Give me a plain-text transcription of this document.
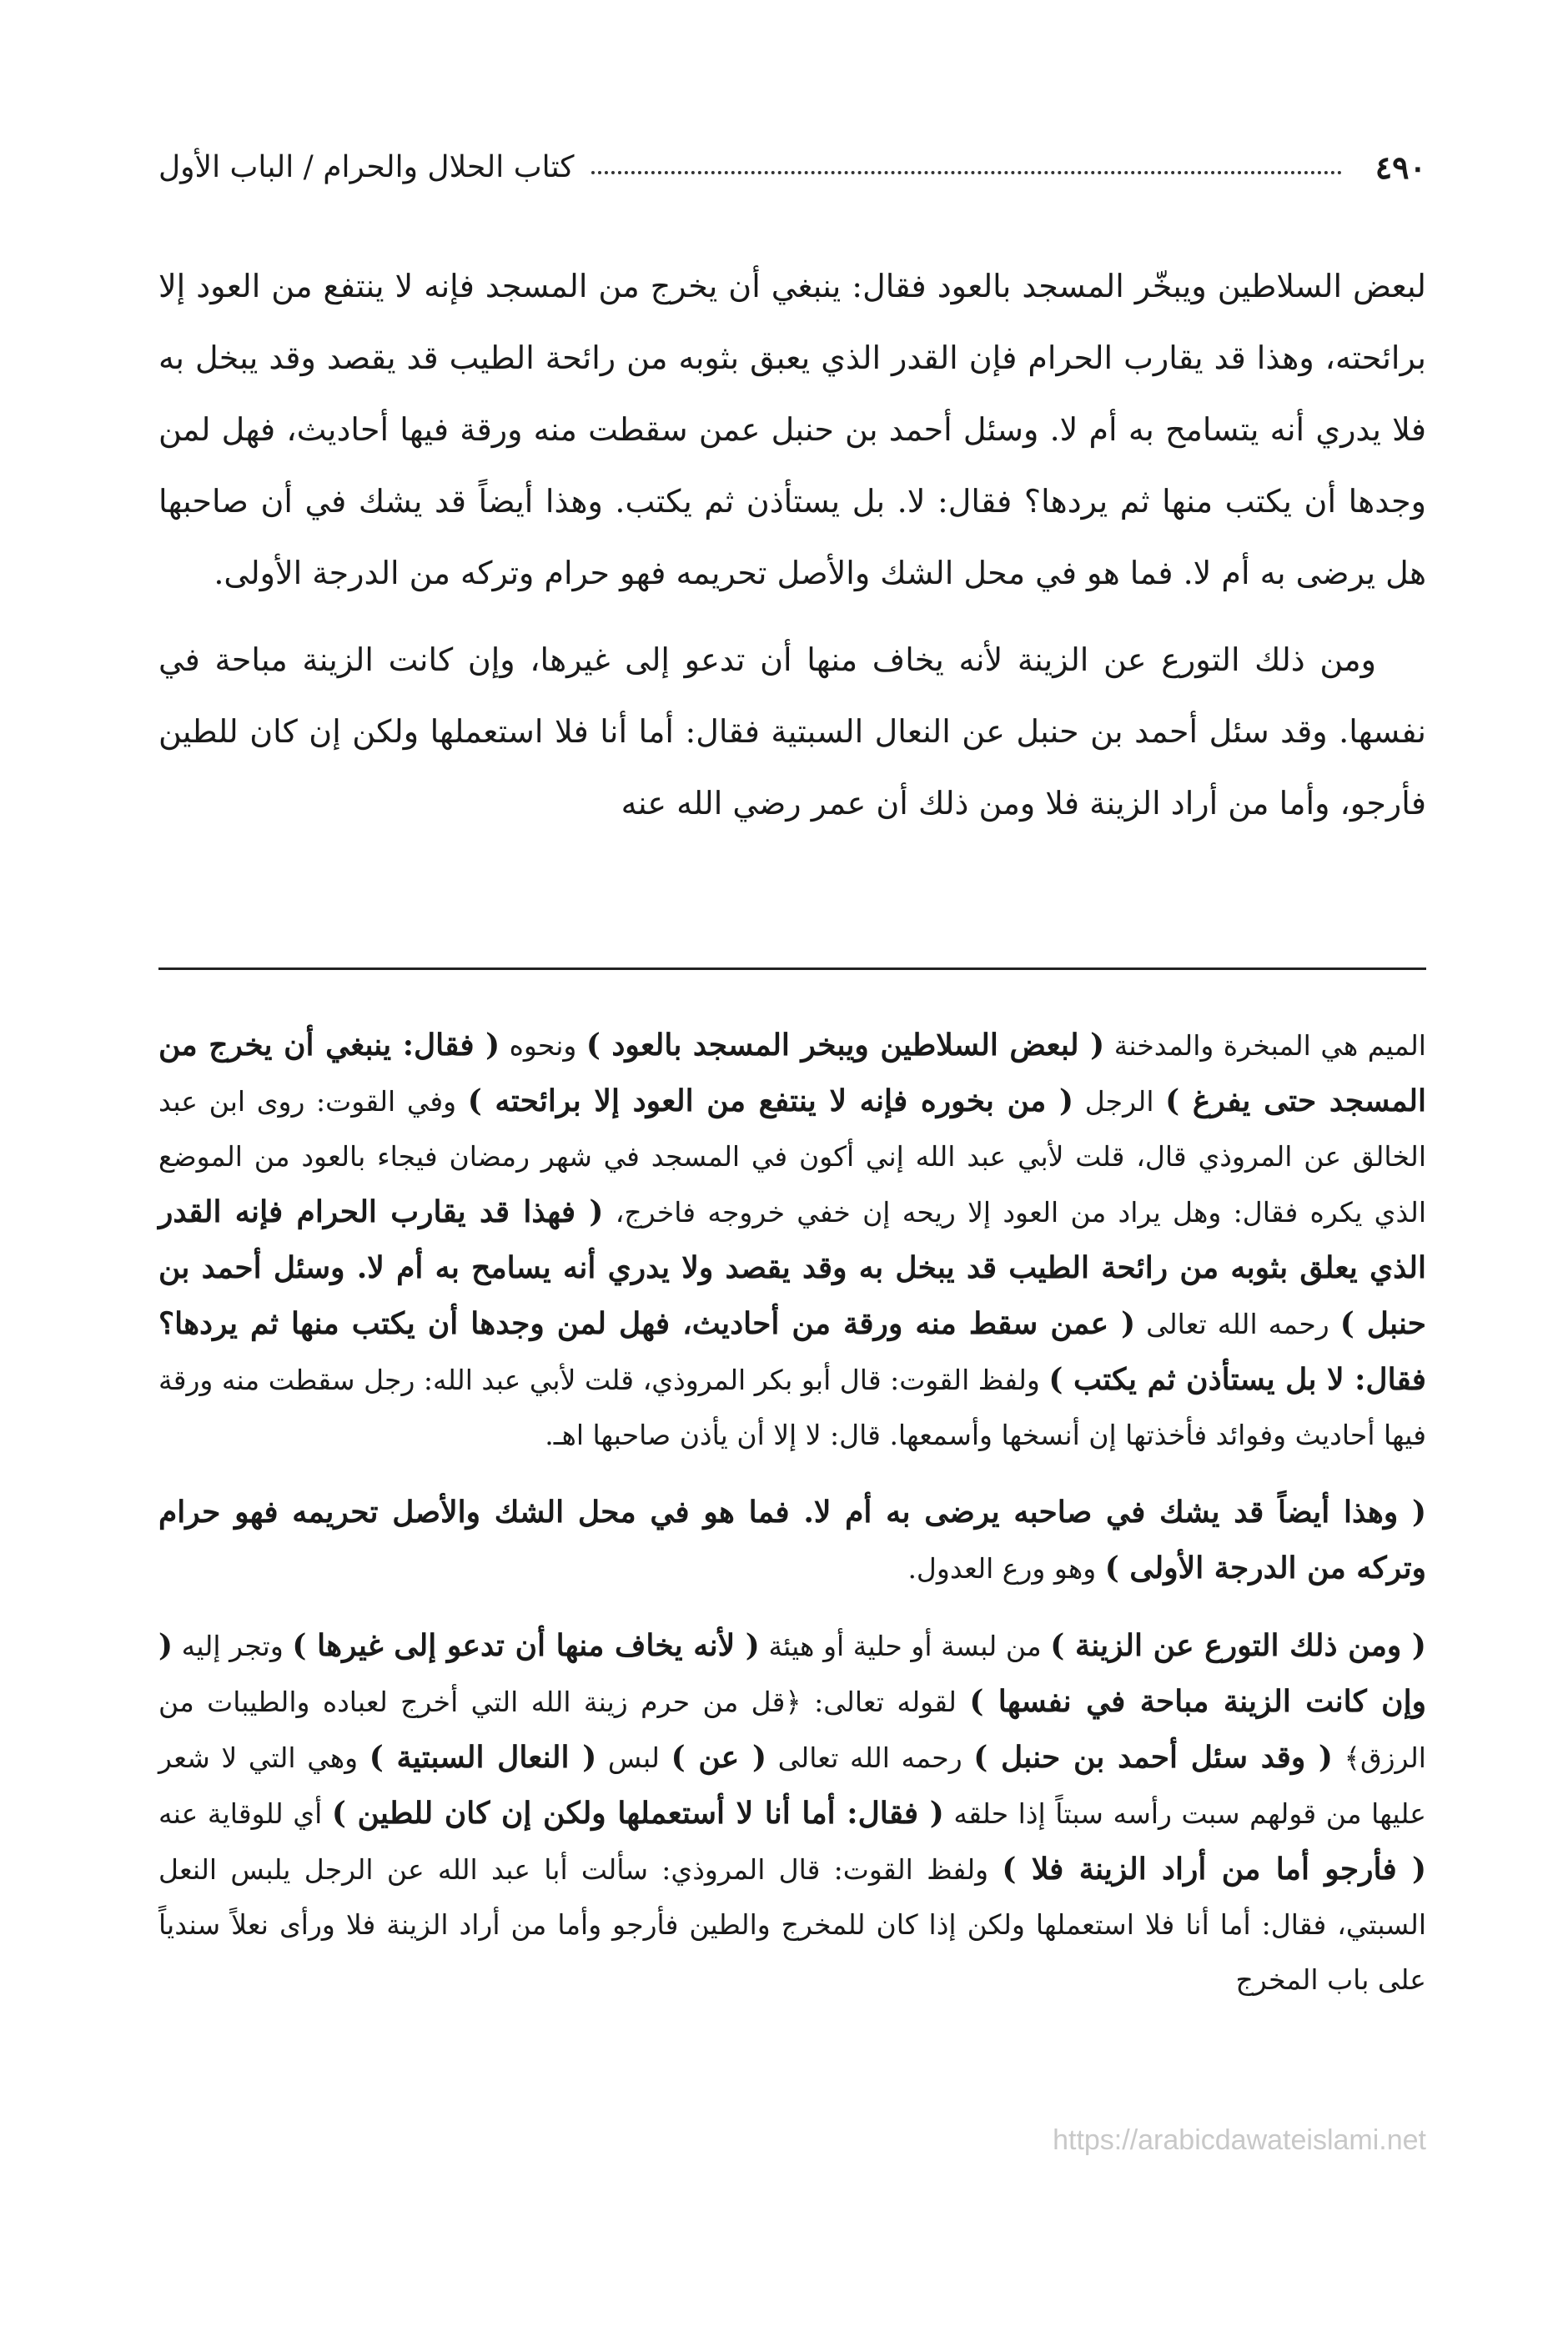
٤٩٠
كتاب الحلال والحرام / الباب الأول

لبعض السلاطين ويبخّر المسجد بالعود فقال: ينبغي أن يخرج من المسجد فإنه لا ينتفع من العود إلا برائحته، وهذا قد يقارب الحرام فإن القدر الذي يعبق بثوبه من رائحة الطيب قد يقصد وقد يبخل به فلا يدري أنه يتسامح به أم لا. وسئل أحمد بن حنبل عمن سقطت منه ورقة فيها أحاديث، فهل لمن وجدها أن يكتب منها ثم يردها؟ فقال: لا. بل يستأذن ثم يكتب. وهذا أيضاً قد يشك في أن صاحبها هل يرضى به أم لا. فما هو في محل الشك والأصل تحريمه فهو حرام وتركه من الدرجة الأولى.

ومن ذلك التورع عن الزينة لأنه يخاف منها أن تدعو إلى غيرها، وإن كانت الزينة مباحة في نفسها. وقد سئل أحمد بن حنبل عن النعال السبتية فقال: أما أنا فلا استعملها ولكن إن كان للطين فأرجو، وأما من أراد الزينة فلا ومن ذلك أن عمر رضي الله عنه

الميم هي المبخرة والمدخنة ( لبعض السلاطين ويبخر المسجد بالعود ) ونحوه ( فقال: ينبغي أن يخرج من المسجد حتى يفرغ ) الرجل ( من بخوره فإنه لا ينتفع من العود إلا برائحته ) وفي القوت: روى ابن عبد الخالق عن المروذي قال، قلت لأبي عبد الله إني أكون في المسجد في شهر رمضان فيجاء بالعود من الموضع الذي يكره فقال: وهل يراد من العود إلا ريحه إن خفي خروجه فاخرج، ( فهذا قد يقارب الحرام فإنه القدر الذي يعلق بثوبه من رائحة الطيب قد يبخل به وقد يقصد ولا يدري أنه يسامح به أم لا. وسئل أحمد بن حنبل ) رحمه الله تعالى ( عمن سقط منه ورقة من أحاديث، فهل لمن وجدها أن يكتب منها ثم يردها؟ فقال: لا بل يستأذن ثم يكتب ) ولفظ القوت: قال أبو بكر المروذي، قلت لأبي عبد الله: رجل سقطت منه ورقة فيها أحاديث وفوائد فأخذتها إن أنسخها وأسمعها. قال: لا إلا أن يأذن صاحبها اهـ.

( وهذا أيضاً قد يشك في صاحبه يرضى به أم لا. فما هو في محل الشك والأصل تحريمه فهو حرام وتركه من الدرجة الأولى ) وهو ورع العدول.

( ومن ذلك التورع عن الزينة ) من لبسة أو حلية أو هيئة ( لأنه يخاف منها أن تدعو إلى غيرها ) وتجر إليه ( وإن كانت الزينة مباحة في نفسها ) لقوله تعالى: ﴿قل من حرم زينة الله التي أخرج لعباده والطيبات من الرزق﴾ ( وقد سئل أحمد بن حنبل ) رحمه الله تعالى ( عن ) لبس ( النعال السبتية ) وهي التي لا شعر عليها من قولهم سبت رأسه سبتاً إذا حلقه ( فقال: أما أنا لا أستعملها ولكن إن كان للطين ) أي للوقاية عنه ( فأرجو أما من أراد الزينة فلا ) ولفظ القوت: قال المروذي: سألت أبا عبد الله عن الرجل يلبس النعل السبتي، فقال: أما أنا فلا استعملها ولكن إذا كان للمخرج والطين فأرجو وأما من أراد الزينة فلا ورأى نعلاً سندياً على باب المخرج

https://arabicdawateislami.net
